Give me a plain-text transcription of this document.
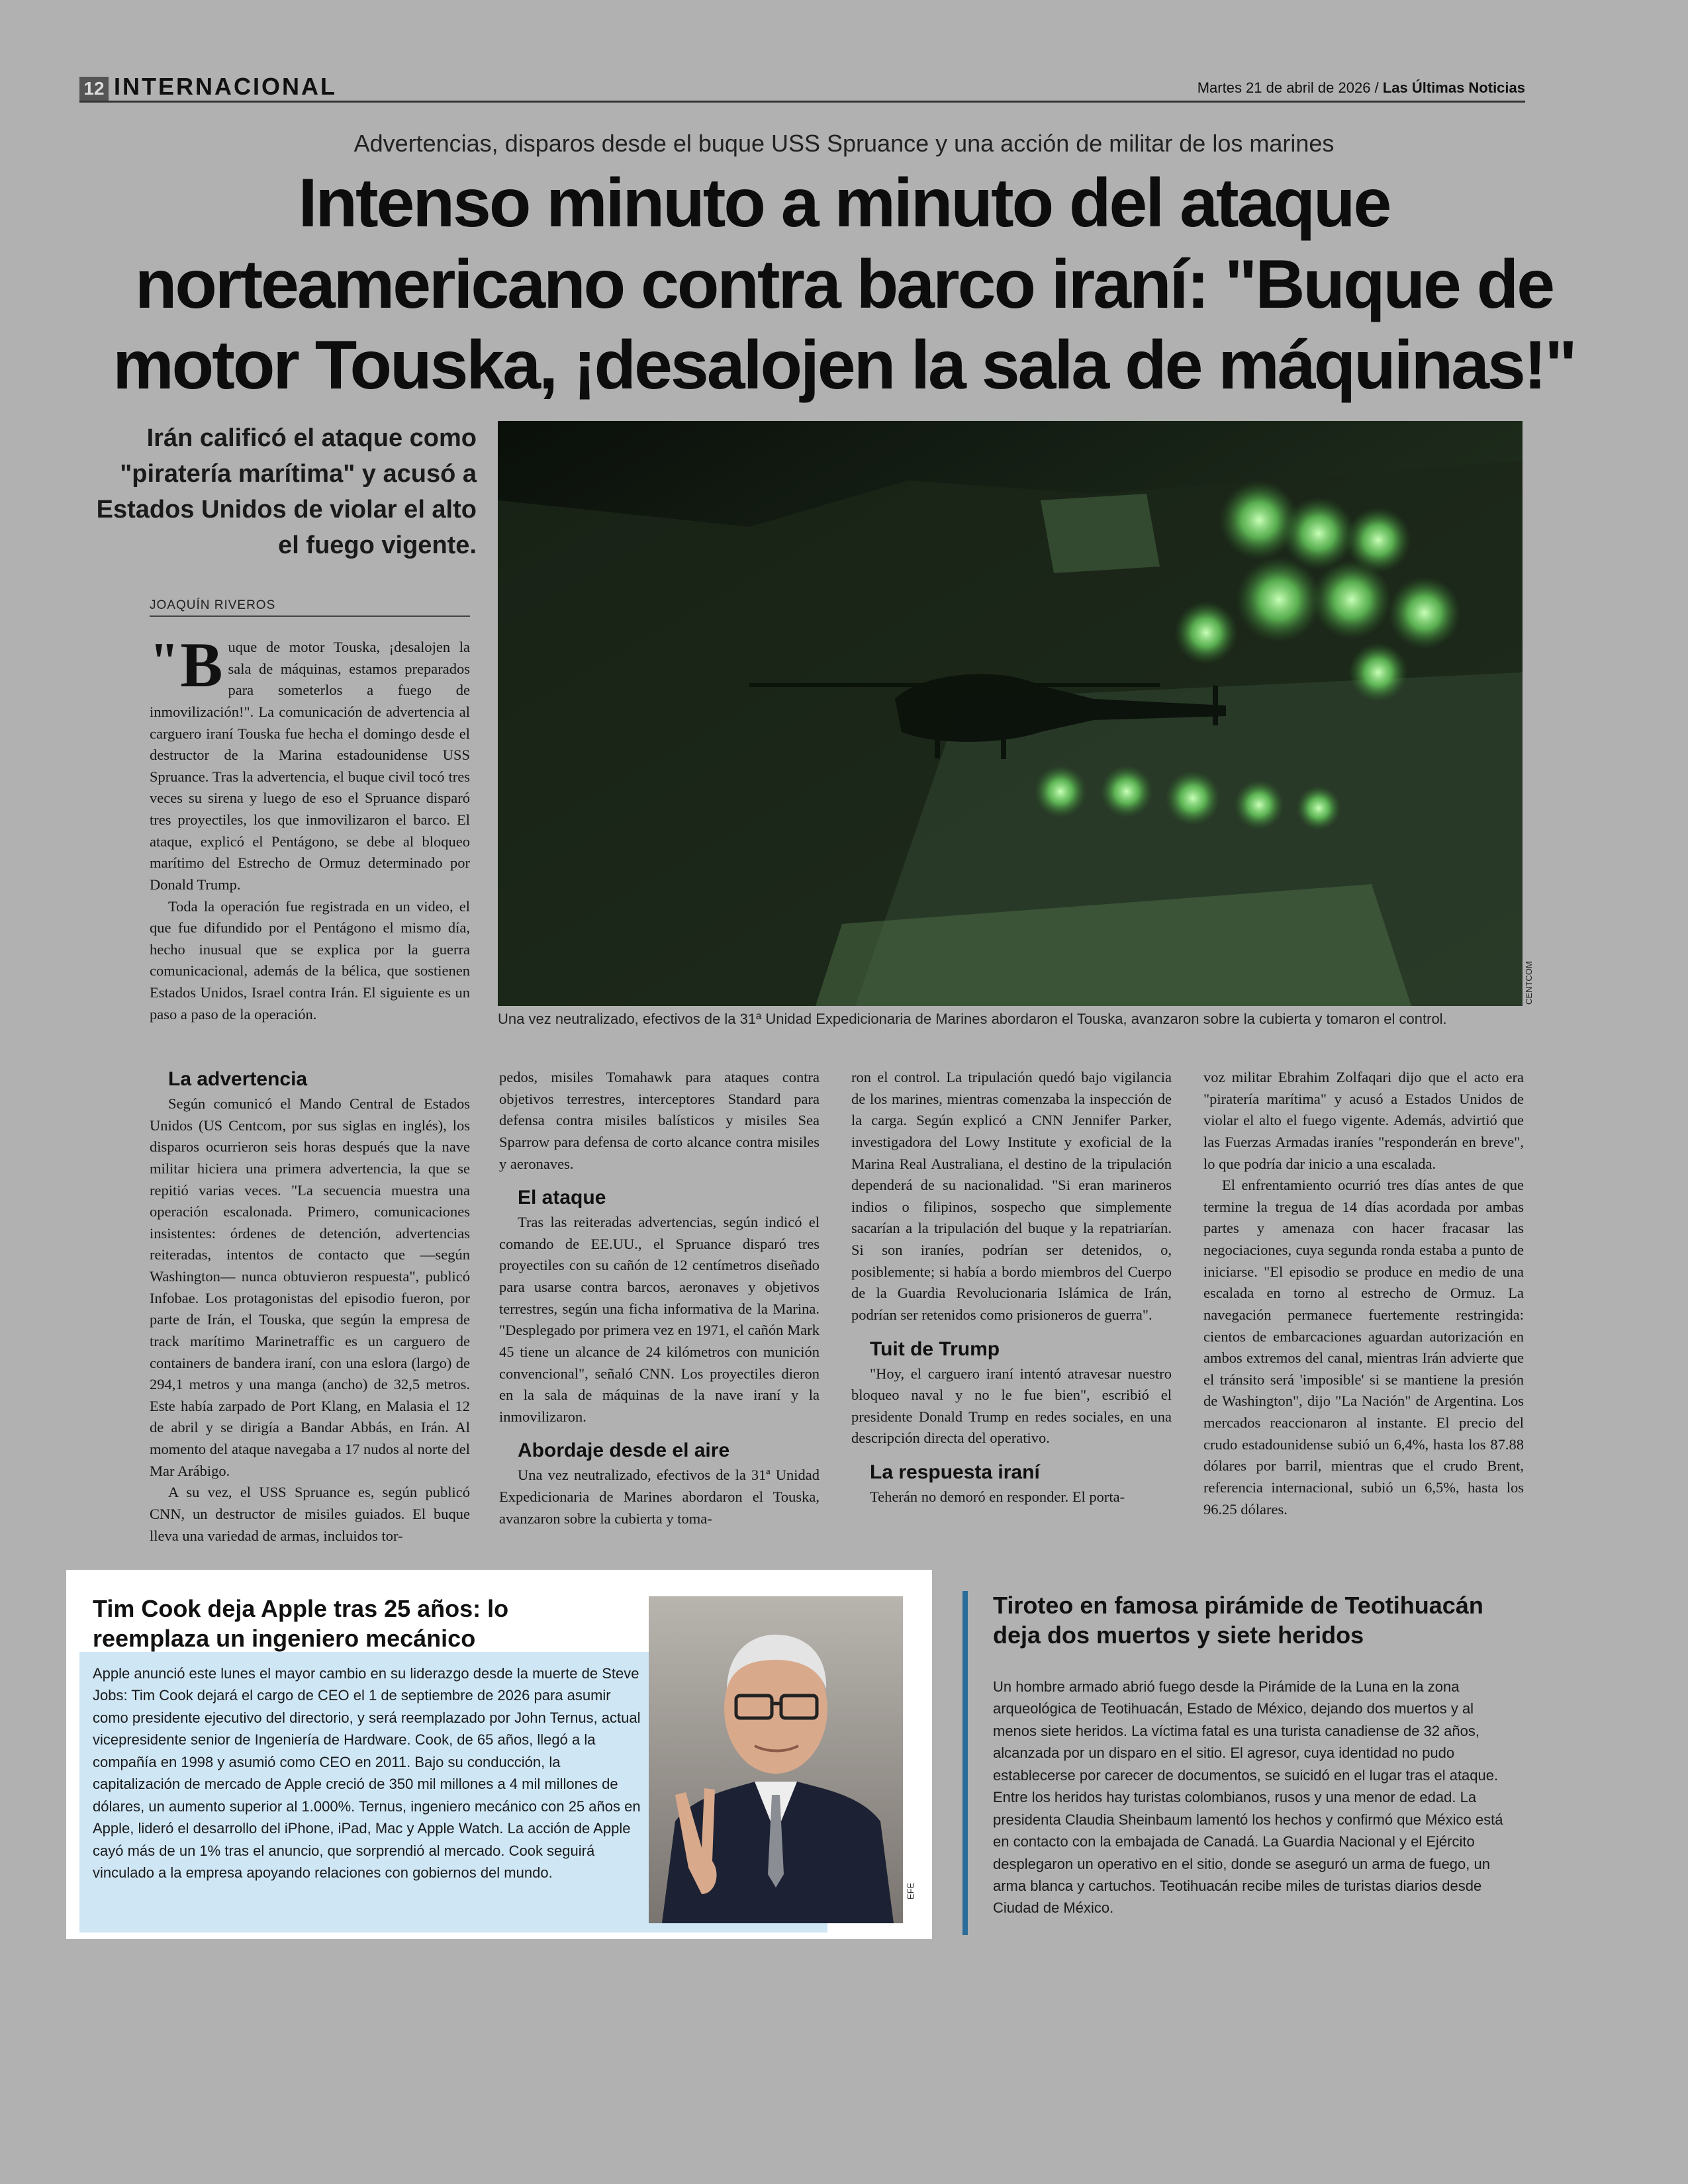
12 INTERNACIONAL	Martes 21 de abril de 2026 / Las Últimas Noticias
Advertencias, disparos desde el buque USS Spruance y una acción de militar de los marines
Intenso minuto a minuto del ataque norteamericano contra barco iraní: "Buque de motor Touska, ¡desalojen la sala de máquinas!"
Irán calificó el ataque como "piratería marítima" y acusó a Estados Unidos de violar el alto el fuego vigente.
JOAQUÍN RIVEROS

" B uque de motor Touska, ¡desalojen la sala de máquinas, estamos preparados para someterlos a fuego de inmovilización!". La comunicación de advertencia al carguero iraní Touska fue hecha el domingo desde el destructor de la Marina estadounidense USS Spruance. Tras la advertencia, el buque civil tocó tres veces su sirena y luego de eso el Spruance disparó tres proyectiles, los que inmovilizaron el barco. El ataque, explicó el Pentágono, se debe al bloqueo marítimo del Estrecho de Ormuz determinado por Donald Trump.

Toda la operación fue registrada en un video, el que fue difundido por el Pentágono el mismo día, hecho inusual que se explica por la guerra comunicacional, además de la bélica, que sostienen Estados Unidos, Israel contra Irán. El siguiente es un paso a paso de la operación.

CENTCOM
Una vez neutralizado, efectivos de la 31ª Unidad Expedicionaria de Marines abordaron el Touska, avanzaron sobre la cubierta y tomaron el control.
La advertencia

Según comunicó el Mando Central de Estados Unidos (US Centcom, por sus siglas en inglés), los disparos ocurrieron seis horas después que la nave militar hiciera una primera advertencia, la que se repitió varias veces. "La secuencia muestra una operación escalonada. Primero, comunicaciones insistentes: órdenes de detención, advertencias reiteradas, intentos de contacto que —según Washington— nunca obtuvieron respuesta", publicó Infobae. Los protagonistas del episodio fueron, por parte de Irán, el Touska, que según la empresa de track marítimo Marinetraffic es un carguero de containers de bandera iraní, con una eslora (largo) de 294,1 metros y una manga (ancho) de 32,5 metros. Este había zarpado de Port Klang, en Malasia el 12 de abril y se dirigía a Bandar Abbás, en Irán. Al momento del ataque navegaba a 17 nudos al norte del Mar Arábigo.

A su vez, el USS Spruance es, según publicó CNN, un destructor de misiles guiados. El buque lleva una variedad de armas, incluidos tor-

pedos, misiles Tomahawk para ataques contra objetivos terrestres, interceptores Standard para defensa contra misiles balísticos y misiles Sea Sparrow para defensa de corto alcance contra misiles y aeronaves.

El ataque

Tras las reiteradas advertencias, según indicó el comando de EE.UU., el Spruance disparó tres proyectiles con su cañón de 12 centímetros diseñado para usarse contra barcos, aeronaves y objetivos terrestres, según una ficha informativa de la Marina. "Desplegado por primera vez en 1971, el cañón Mark 45 tiene un alcance de 24 kilómetros con munición convencional", señaló CNN. Los proyectiles dieron en la sala de máquinas de la nave iraní y la inmovilizaron.

Abordaje desde el aire

Una vez neutralizado, efectivos de la 31ª Unidad Expedicionaria de Marines abordaron el Touska, avanzaron sobre la cubierta y toma-

ron el control. La tripulación quedó bajo vigilancia de los marines, mientras comenzaba la inspección de la carga. Según explicó a CNN Jennifer Parker, investigadora del Lowy Institute y exoficial de la Marina Real Australiana, el destino de la tripulación dependerá de su nacionalidad. "Si eran marineros indios o filipinos, sospecho que simplemente sacarían a la tripulación del buque y la repatriarían. Si son iraníes, podrían ser detenidos, o, posiblemente; si había a bordo miembros del Cuerpo de la Guardia Revolucionaria Islámica de Irán, podrían ser retenidos como prisioneros de guerra".

Tuit de Trump

"Hoy, el carguero iraní intentó atravesar nuestro bloqueo naval y no le fue bien", escribió el presidente Donald Trump en redes sociales, en una descripción directa del operativo.

La respuesta iraní

Teherán no demoró en responder. El porta-

voz militar Ebrahim Zolfaqari dijo que el acto era "piratería marítima" y acusó a Estados Unidos de violar el alto el fuego vigente. Además, advirtió que las Fuerzas Armadas iraníes "responderán en breve", lo que podría dar inicio a una escalada.

El enfrentamiento ocurrió tres días antes de que termine la tregua de 14 días acordada por ambas partes y amenaza con hacer fracasar las negociaciones, cuya segunda ronda estaba a punto de iniciarse. "El episodio se produce en medio de una escalada en torno al estrecho de Ormuz. La navegación permanece fuertemente restringida: cientos de embarcaciones aguardan autorización en ambos extremos del canal, mientras Irán advierte que el tránsito será 'imposible' si se mantiene la presión de Washington", dijo "La Nación" de Argentina. Los mercados reaccionaron al instante. El precio del crudo estadounidense subió un 6,4%, hasta los 87.88 dólares por barril, mientras que el crudo Brent, referencia internacional, subió un 6,5%, hasta los 96.25 dólares.

Tim Cook deja Apple tras 25 años: lo reemplaza un ingeniero mecánico
Apple anunció este lunes el mayor cambio en su liderazgo desde la muerte de Steve Jobs: Tim Cook dejará el cargo de CEO el 1 de septiembre de 2026 para asumir como presidente ejecutivo del directorio, y será reemplazado por John Ternus, actual vicepresidente senior de Ingeniería de Hardware. Cook, de 65 años, llegó a la compañía en 1998 y asumió como CEO en 2011. Bajo su conducción, la capitalización de mercado de Apple creció de 350 mil millones a 4 mil millones de dólares, un aumento superior al 1.000%. Ternus, ingeniero mecánico con 25 años en Apple, lideró el desarrollo del iPhone, iPad, Mac y Apple Watch. La acción de Apple cayó más de un 1% tras el anuncio, que sorprendió al mercado. Cook seguirá vinculado a la empresa apoyando relaciones con gobiernos del mundo.
EFE
Tiroteo en famosa pirámide de Teotihuacán deja dos muertos y siete heridos
Un hombre armado abrió fuego desde la Pirámide de la Luna en la zona arqueológica de Teotihuacán, Estado de México, dejando dos muertos y al menos siete heridos. La víctima fatal es una turista canadiense de 32 años, alcanzada por un disparo en el sitio. El agresor, cuya identidad no pudo establecerse por carecer de documentos, se suicidó en el lugar tras el ataque. Entre los heridos hay turistas colombianos, rusos y una menor de edad. La presidenta Claudia Sheinbaum lamentó los hechos y confirmó que México está en contacto con la embajada de Canadá. La Guardia Nacional y el Ejército desplegaron un operativo en el sitio, donde se aseguró un arma de fuego, un arma blanca y cartuchos. Teotihuacán recibe miles de turistas diarios desde Ciudad de México.
